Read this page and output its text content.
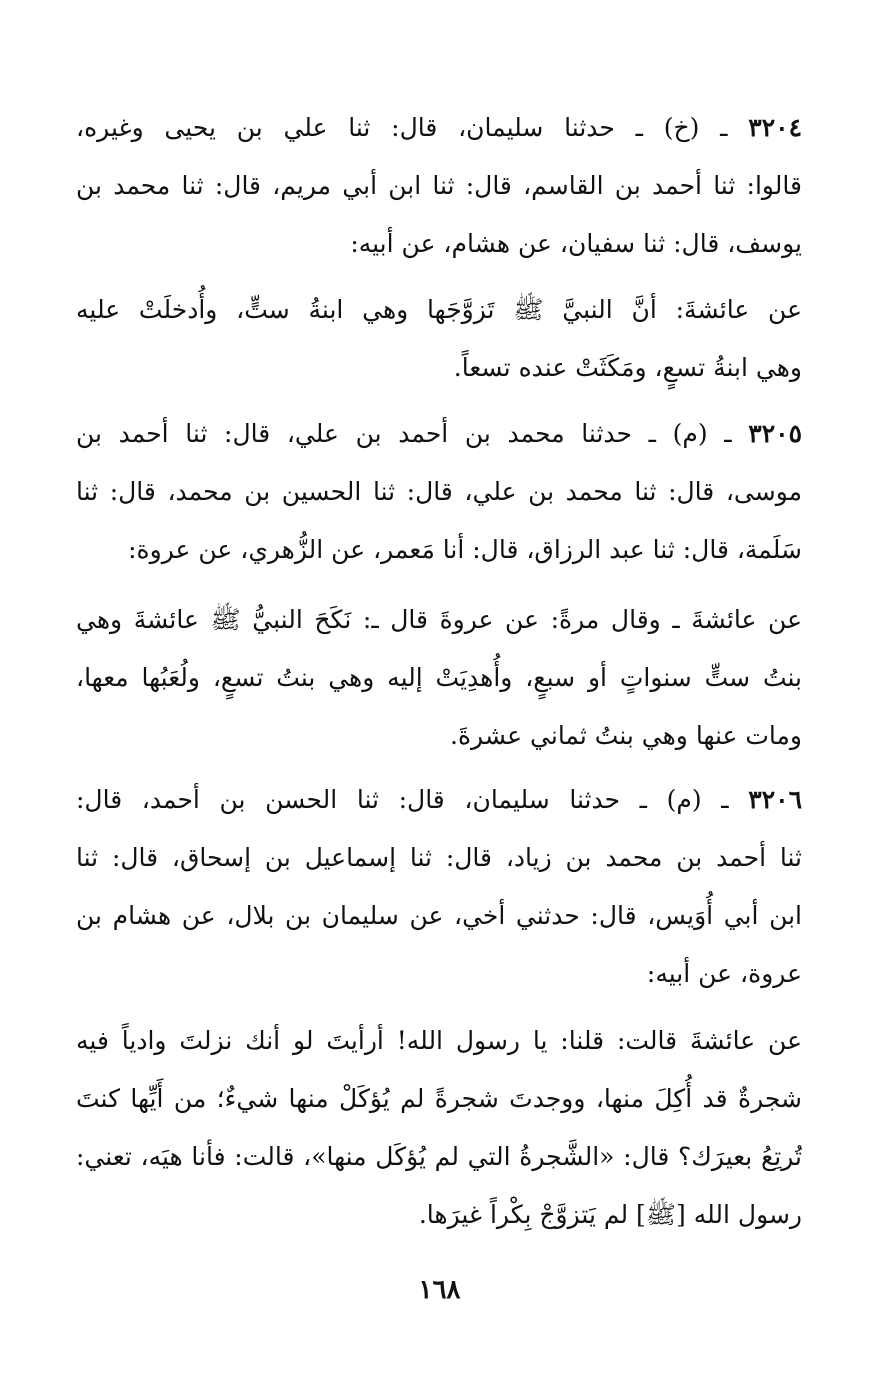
٣٢٠٤ ـ (خ) ـ حدثنا سليمان، قال: ثنا علي بن يحيى وغيره،
قالوا: ثنا أحمد بن القاسم، قال: ثنا ابن أبي مريم، قال: ثنا محمد بن
يوسف، قال: ثنا سفيان، عن هشام، عن أبيه:
عن عائشةَ: أنَّ النبيَّ ﷺ تَزوَّجَها وهي ابنةُ ستٍّ، وأُدخلَتْ عليه
وهي ابنةُ تسعٍ، ومَكَثَتْ عنده تسعاً.
٣٢٠٥ ـ (م) ـ حدثنا محمد بن أحمد بن علي، قال: ثنا أحمد بن
موسى، قال: ثنا محمد بن علي، قال: ثنا الحسين بن محمد، قال: ثنا
سَلَمة، قال: ثنا عبد الرزاق، قال: أنا مَعمر، عن الزُّهري، عن عروة:
عن عائشةَ ـ وقال مرةً: عن عروةَ قال ـ: نَكَحَ النبيُّ ﷺ عائشةَ وهي
بنتُ ستٍّ سنواتٍ أو سبعٍ، وأُهدِيَتْ إليه وهي بنتُ تسعٍ، ولُعَبُها معها،
ومات عنها وهي بنتُ ثماني عشرةَ.
٣٢٠٦ ـ (م) ـ حدثنا سليمان، قال: ثنا الحسن بن أحمد، قال:
ثنا أحمد بن محمد بن زياد، قال: ثنا إسماعيل بن إسحاق، قال: ثنا
ابن أبي أُوَيس، قال: حدثني أخي، عن سليمان بن بلال، عن هشام بن
عروة، عن أبيه:
عن عائشةَ قالت: قلنا: يا رسول الله! أرأيتَ لو أنك نزلتَ وادياً فيه
شجرةٌ قد أُكِلَ منها، ووجدتَ شجرةً لم يُؤكَلْ منها شيءٌ؛ من أَيِّها كنتَ
تُرتِعُ بعيرَك؟ قال: «الشَّجرةُ التي لم يُؤكَل منها»، قالت: فأنا هيَه، تعني:
رسول الله [ﷺ] لم يَتزوَّجْ بِكْراً غيرَها.
١٦٨
